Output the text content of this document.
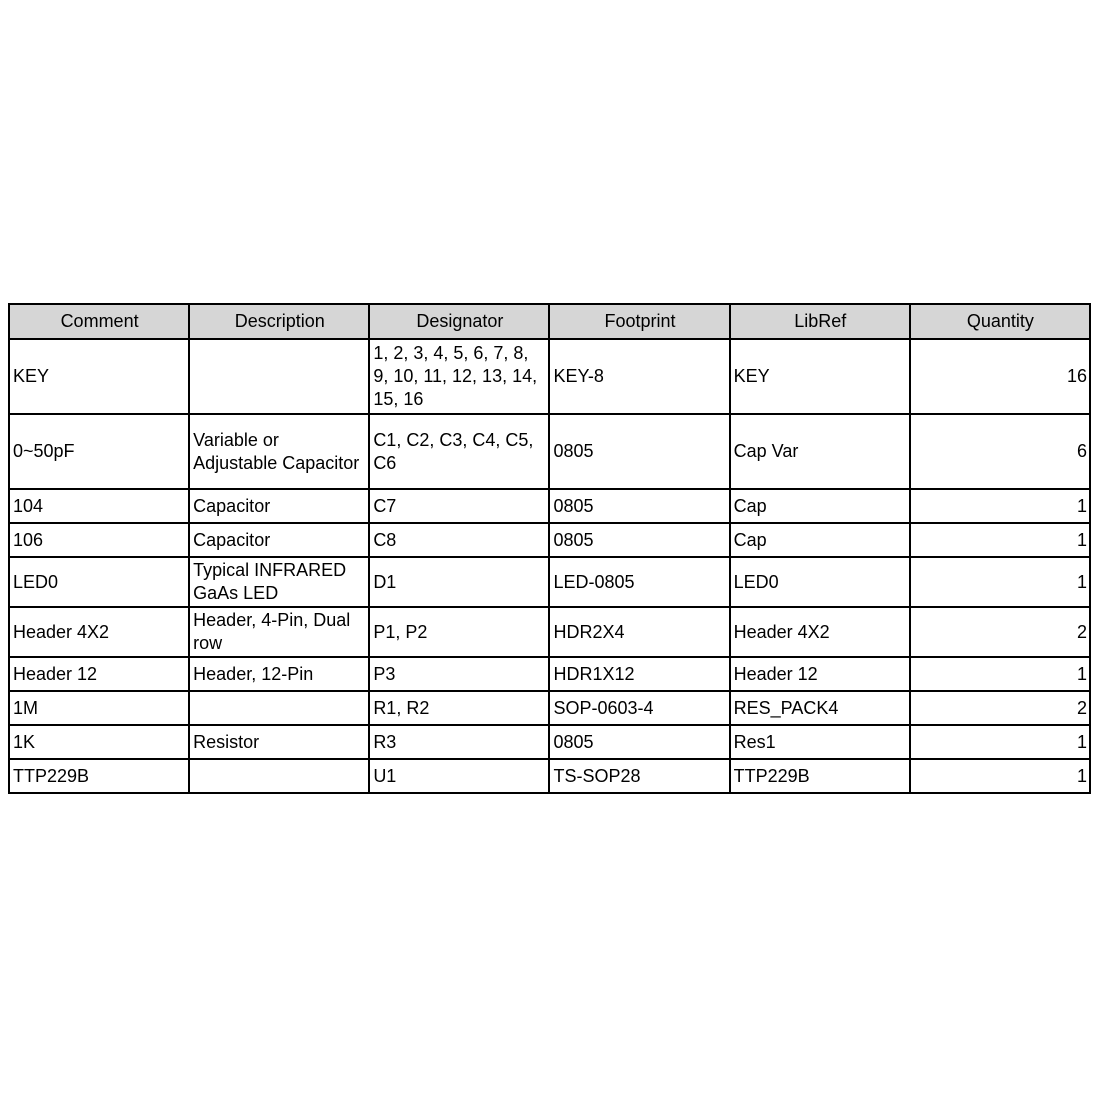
Comment	Description	Designator	Footprint	LibRef	Quantity
KEY		1, 2, 3, 4, 5, 6, 7, 8, 9, 10, 11, 12, 13, 14, 15, 16	KEY-8	KEY	16
0~50pF	Variable or Adjustable Capacitor	C1, C2, C3, C4, C5, C6	0805	Cap Var	6
104	Capacitor	C7	0805	Cap	1
106	Capacitor	C8	0805	Cap	1
LED0	Typical INFRARED GaAs LED	D1	LED-0805	LED0	1
Header 4X2	Header, 4-Pin, Dual row	P1, P2	HDR2X4	Header 4X2	2
Header 12	Header, 12-Pin	P3	HDR1X12	Header 12	1
1M		R1, R2	SOP-0603-4	RES_PACK4	2
1K	Resistor	R3	0805	Res1	1
TTP229B		U1	TS-SOP28	TTP229B	1
